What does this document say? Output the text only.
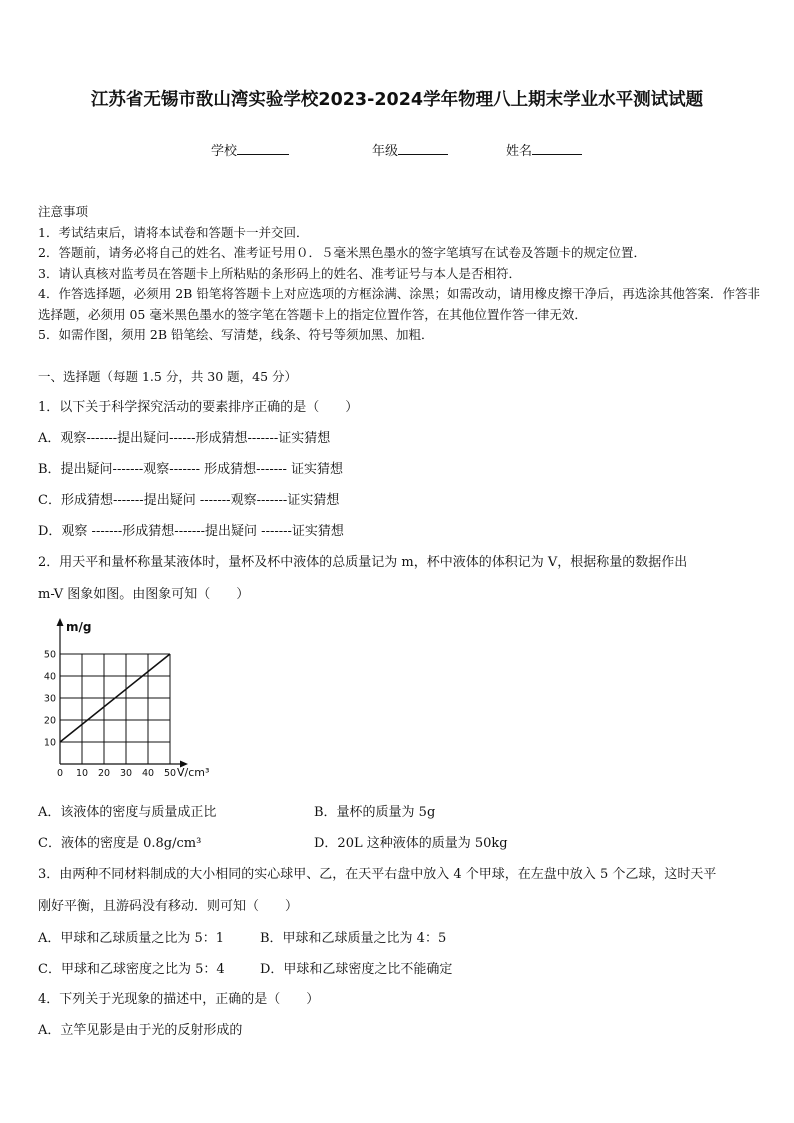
江苏省无锡市敔山湾实验学校2023-2024学年物理八上期末学业水平测试试题
学校	年级	姓名

注意事项

1．考试结束后，请将本试卷和答题卡一并交回．

2．答题前，请务必将自己的姓名、准考证号用０．５毫米黑色墨水的签字笔填写在试卷及答题卡的规定位置．

3．请认真核对监考员在答题卡上所粘贴的条形码上的姓名、准考证号与本人是否相符．

4．作答选择题，必须用 2B 铅笔将答题卡上对应选项的方框涂满、涂黑；如需改动，请用橡皮擦干净后，再选涂其他答案．作答非选择题，必须用 05 毫米黑色墨水的签字笔在答题卡上的指定位置作答，在其他位置作答一律无效．

5．如需作图，须用 2B 铅笔绘、写清楚，线条、符号等须加黑、加粗．

一、选择题（每题 1.5 分，共 30 题，45 分）
1．以下关于科学探究活动的要素排序正确的是（　　）
A．观察-------提出疑问------形成猜想-------证实猜想
B．提出疑问-------观察------- 形成猜想------- 证实猜想
C．形成猜想-------提出疑问 -------观察-------证实猜想
D．观察 -------形成猜想-------提出疑问 -------证实猜想
2．用天平和量杯称量某液体时，量杯及杯中液体的总质量记为 m，杯中液体的体积记为 V，根据称量的数据作出
m-V 图象如图。由图象可知（　　）
0 10 20 30 40 50
10
20
30
40
50
m/g
V/cm³
A．该液体的密度与质量成正比	B．量杯的质量为 5g
C．液体的密度是 0.8g/cm³	D．20L 这种液体的质量为 50kg
3．由两种不同材料制成的大小相同的实心球甲、乙，在天平右盘中放入 4 个甲球，在左盘中放入 5 个乙球，这时天平
刚好平衡，且游码没有移动．则可知（　　）
A．甲球和乙球质量之比为 5：1	B．甲球和乙球质量之比为 4：5
C．甲球和乙球密度之比为 5：4	D．甲球和乙球密度之比不能确定
4．下列关于光现象的描述中，正确的是（　　）
A．立竿见影是由于光的反射形成的
